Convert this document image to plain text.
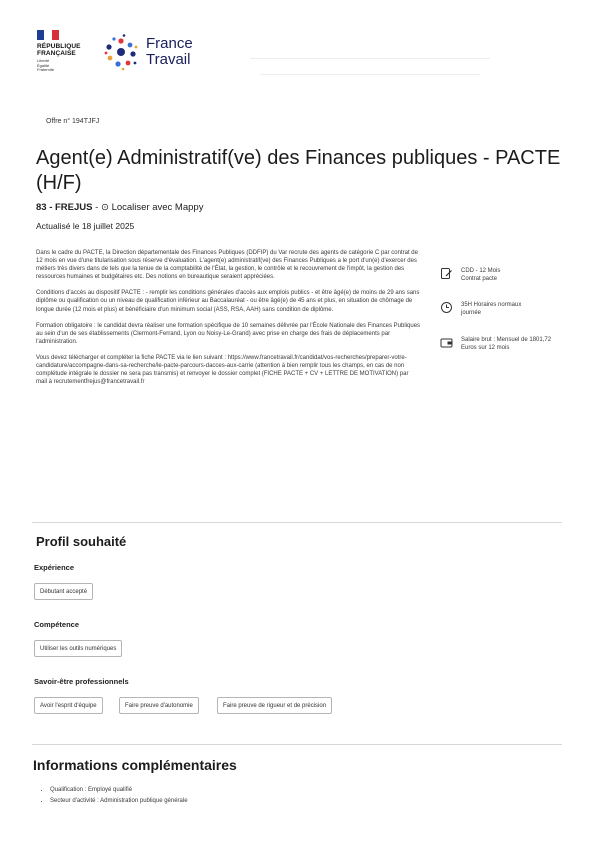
RÉPUBLIQUE
FRANÇAISE
Liberté
Égalité
Fraternité
France
Travail
Offre n° 194TJFJ
Agent(e) Administratif(ve) des Finances publiques - PACTE (H/F)
83 - FREJUS - ⊙ Localiser avec Mappy
Actualisé le 18 juillet 2025

Dans le cadre du PACTE, la Direction départementale des Finances Publiques (DDFIP) du Var recrute des agents de catégorie C par contrat de 12 mois en vue d'une titularisation sous réserve d'évaluation. L'agent(e) administratif(ve) des Finances Publiques a le port d'un(e) d'exercer des métiers très divers dans de tels que la tenue de la comptabilité de l'État, la gestion, le contrôle et le recouvrement de l'impôt, la gestion des ressources humaines et budgétaires etc. Des notions en bureautique seraient appréciées.

Conditions d'accès au dispositif PACTE : - remplir les conditions générales d'accès aux emplois publics - et être âgé(e) de moins de 29 ans sans diplôme ou qualification ou un niveau de qualification inférieur au Baccalauréat - ou être âgé(e) de 45 ans et plus, en situation de chômage de longue durée (12 mois et plus) et bénéficiaire d'un minimum social (ASS, RSA, AAH) sans condition de diplôme.

Formation obligatoire : le candidat devra réaliser une formation spécifique de 10 semaines délivrée par l'École Nationale des Finances Publiques au sein d'un de ses établissements (Clermont-Ferrand, Lyon ou Noisy-Le-Grand) avec prise en charge des frais de déplacements par l'administration.

Vous devez télécharger et compléter la fiche PACTE via le lien suivant : https://www.francetravail.fr/candidat/vos-recherches/preparer-votre-candidature/accompagne-dans-sa-recherche/le-pacte-parcours-dacces-aux-carrie (attention à bien remplir tous les champs, en cas de non complétude intégrale le dossier ne sera pas transmis) et renvoyer le dossier complet (FICHE PACTE + CV + LETTRE DE MOTIVATION) par mail à recrutementfrejus@francetravail.fr

CDD - 12 Mois
Contrat pacte
35H Horaires normaux
journée
Salaire brut : Mensuel de 1801,72 Euros sur 12 mois
Profil souhaité
Expérience
Débutant accepté
Compétence
Utiliser les outils numériques
Savoir-être professionnels
Avoir l'esprit d'équipe	Faire preuve d'autonomie	Faire preuve de rigueur et de précision
Informations complémentaires
• Qualification : Employé qualifié
• Secteur d'activité : Administration publique générale
